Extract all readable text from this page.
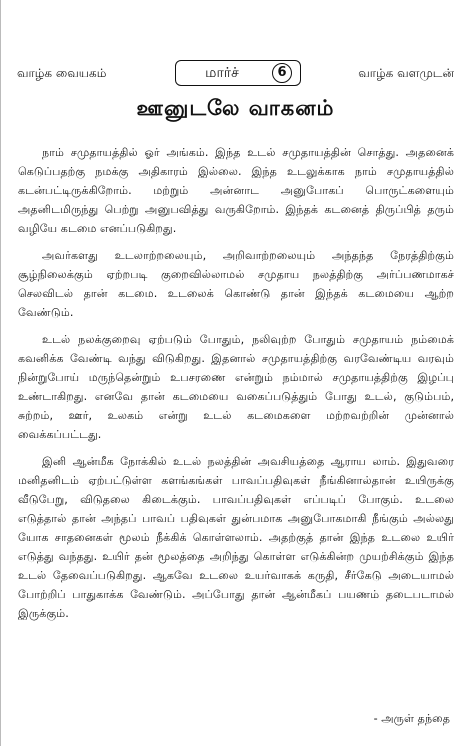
வாழ்க வையகம்	மார்ச்	6	வாழ்க வளமுடன்
ஊனுடலே வாகனம்

நாம் சமுதாயத்தில் ஓர் அங்கம். இந்த உடல் சமுதாயத்தின் சொத்து. அதனைக் கெடுப்பதற்கு நமக்கு அதிகாரம் இல்லை. இந்த உடலுக்காக நாம் சமுதாயத்தில் கடன்பட்டிருக்கிறோம். மற்றும் அன்னாட அனுபோகப் பொருட்களையும் அதனிடமிருந்து பெற்று அனுபவித்து வருகிறோம். இந்தக் கடனைத் திருப்பித் தரும் வழியே கடமை எனப்படுகிறது.

அவர்களது உடலாற்றலையும், அறிவாற்றலையும் அந்தந்த நேரத்திற்கும் சூழ்நிலைக்கும் ஏற்றபடி குறைவில்லாமல் சமுதாய நலத்திற்கு அர்ப்பணமாகச் செலவிடல் தான் கடமை. உடலைக் கொண்டு தான் இந்தக் கடமையை ஆற்ற வேண்டும்.

உடல் நலக்குறைவு ஏற்படும் போதும், நலிவுற்ற போதும் சமுதாயம் நம்மைக் கவனிக்க வேண்டி வந்து விடுகிறது. இதனால் சமுதாயத்திற்கு வரவேண்டிய வரவும் நின்றுபோய் மருந்தென்றும் உபசரணை என்றும் நம்மால் சமுதாயத்திற்கு இழப்பு உண்டாகிறது. எனவே தான் கடமையை வகைப்படுத்தும் போது உடல், குடும்பம், சுற்றம், ஊர், உலகம் என்று உடல் கடமைகளை மற்றவற்றின் முன்னால் வைக்கப்பட்டது.

இனி ஆன்மீக நோக்கில் உடல் நலத்தின் அவசியத்தை ஆராய லாம். இதுவரை மனிதனிடம் ஏற்பட்டுள்ள களங்கங்கள் பாவப்பதிவுகள் நீங்கினால்தான் உயிருக்கு வீடுபேறு, விடுதலை கிடைக்கும். பாவப்பதிவுகள் எப்படிப் போகும். உடலை எடுத்தால் தான் அந்தப் பாவப் பதிவுகள் துன்பமாக அனுபோகமாகி நீங்கும் அல்லது யோக சாதனைகள் மூலம் நீக்கிக் கொள்ளலாம். அதற்குத் தான் இந்த உடலை உயிர் எடுத்து வந்தது. உயிர் தன் மூலத்தை அறிந்து கொள்ள எடுக்கின்ற முயற்சிக்கும் இந்த உடல் தேவைப்படுகிறது. ஆகவே உடலை உயர்வாகக் கருதி, சீர்கேடு அடையாமல் போற்றிப் பாதுகாக்க வேண்டும். அப்போது தான் ஆன்மீகப் பயணம் தடைபடாமல் இருக்கும்.

- அருள் தந்தை
